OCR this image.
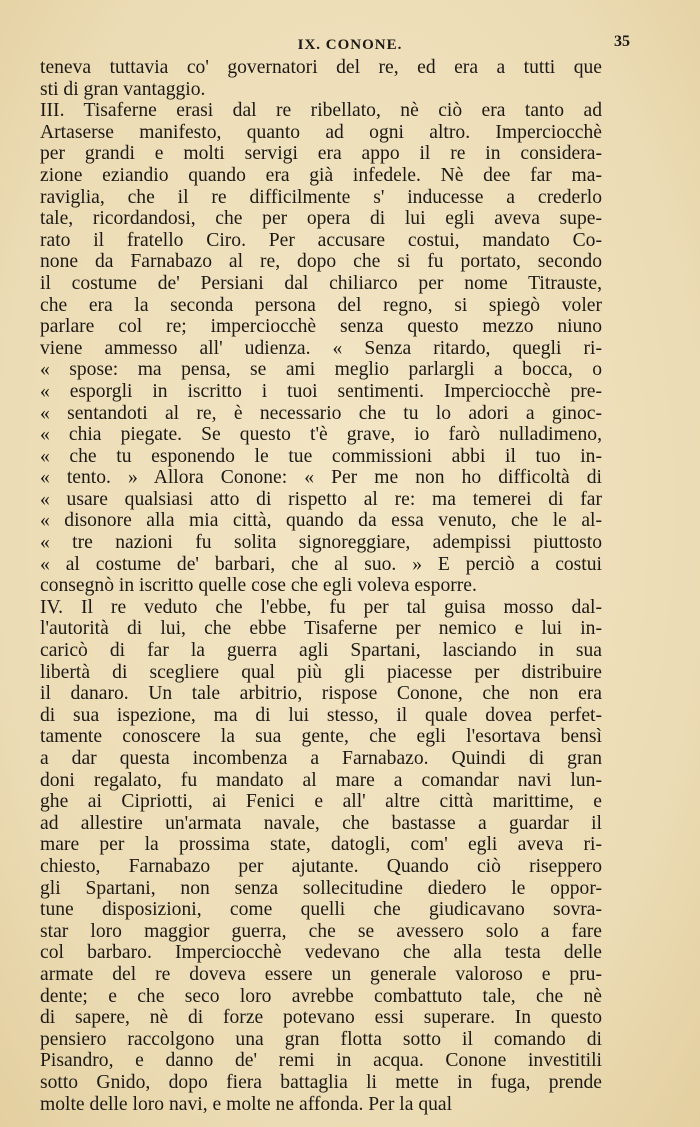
IX. CONONE.	35
teneva tuttavia co' governatori del re, ed era a tutti que
sti di gran vantaggio.
III. Tisaferne erasi dal re ribellato, nè ciò era tanto ad
Artaserse manifesto, quanto ad ogni altro. Imperciocchè
per grandi e molti servigi era appo il re in considera-
zione eziandio quando era già infedele. Nè dee far ma-
raviglia, che il re difficilmente s' inducesse a crederlo
tale, ricordandosi, che per opera di lui egli aveva supe-
rato il fratello Ciro. Per accusare costui, mandato Co-
none da Farnabazo al re, dopo che si fu portato, secondo
il costume de' Persiani dal chiliarco per nome Titrauste,
che era la seconda persona del regno, si spiegò voler
parlare col re; imperciocchè senza questo mezzo niuno
viene ammesso all' udienza. « Senza ritardo, quegli ri-
« spose: ma pensa, se ami meglio parlargli a bocca, o
« esporgli in iscritto i tuoi sentimenti. Imperciocchè pre-
« sentandoti al re, è necessario che tu lo adori a ginoc-
« chia piegate. Se questo t'è grave, io farò nulladimeno,
« che tu esponendo le tue commissioni abbi il tuo in-
« tento. » Allora Conone: « Per me non ho difficoltà di
« usare qualsiasi atto di rispetto al re: ma temerei di far
« disonore alla mia città, quando da essa venuto, che le al-
« tre nazioni fu solita signoreggiare, adempissi piuttosto
« al costume de' barbari, che al suo. » E perciò a costui
consegnò in iscritto quelle cose che egli voleva esporre.
IV. Il re veduto che l'ebbe, fu per tal guisa mosso dal-
l'autorità di lui, che ebbe Tisaferne per nemico e lui in-
caricò di far la guerra agli Spartani, lasciando in sua
libertà di scegliere qual più gli piacesse per distribuire
il danaro. Un tale arbitrio, rispose Conone, che non era
di sua ispezione, ma di lui stesso, il quale dovea perfet-
tamente conoscere la sua gente, che egli l'esortava bensì
a dar questa incombenza a Farnabazo. Quindi di gran
doni regalato, fu mandato al mare a comandar navi lun-
ghe ai Cipriotti, ai Fenici e all' altre città marittime, e
ad allestire un'armata navale, che bastasse a guardar il
mare per la prossima state, datogli, com' egli aveva ri-
chiesto, Farnabazo per ajutante. Quando ciò riseppero
gli Spartani, non senza sollecitudine diedero le oppor-
tune disposizioni, come quelli che giudicavano sovra-
star loro maggior guerra, che se avessero solo a fare
col barbaro. Imperciocchè vedevano che alla testa delle
armate del re doveva essere un generale valoroso e pru-
dente; e che seco loro avrebbe combattuto tale, che nè
di sapere, nè di forze potevano essi superare. In questo
pensiero raccolgono una gran flotta sotto il comando di
Pisandro, e danno de' remi in acqua. Conone investitili
sotto Gnido, dopo fiera battaglia li mette in fuga, prende
molte delle loro navi, e molte ne affonda. Per la qual
